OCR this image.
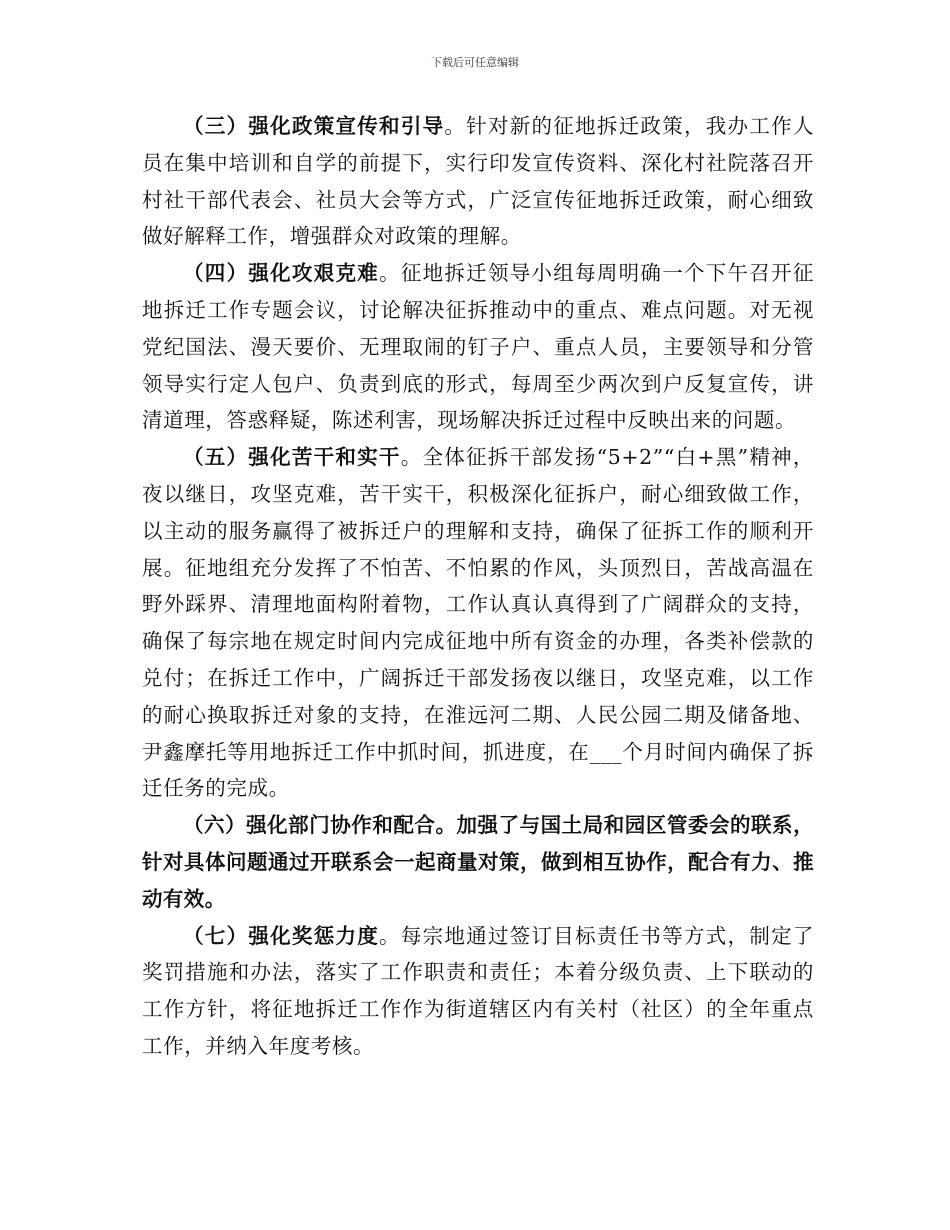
下载后可任意编辑

（三）强化政策宣传和引导。针对新的征地拆迁政策，我办工作人员在集中培训和自学的前提下，实行印发宣传资料、深化村社院落召开村社干部代表会、社员大会等方式，广泛宣传征地拆迁政策，耐心细致做好解释工作，增强群众对政策的理解。

（四）强化攻艰克难。征地拆迁领导小组每周明确一个下午召开征地拆迁工作专题会议，讨论解决征拆推动中的重点、难点问题。对无视党纪国法、漫天要价、无理取闹的钉子户、重点人员，主要领导和分管领导实行定人包户、负责到底的形式，每周至少两次到户反复宣传，讲清道理，答惑释疑，陈述利害，现场解决拆迁过程中反映出来的问题。

（五）强化苦干和实干。全体征拆干部发扬“5+2”“白+黑”精神，夜以继日，攻坚克难，苦干实干，积极深化征拆户，耐心细致做工作，以主动的服务赢得了被拆迁户的理解和支持，确保了征拆工作的顺利开展。征地组充分发挥了不怕苦、不怕累的作风，头顶烈日，苦战高温在野外踩界、清理地面构附着物，工作认真认真得到了广阔群众的支持，确保了每宗地在规定时间内完成征地中所有资金的办理，各类补偿款的兑付；在拆迁工作中，广阔拆迁干部发扬夜以继日，攻坚克难，以工作的耐心换取拆迁对象的支持，在淮远河二期、人民公园二期及储备地、尹鑫摩托等用地拆迁工作中抓时间，抓进度，在___个月时间内确保了拆迁任务的完成。

（六）强化部门协作和配合。加强了与国土局和园区管委会的联系，针对具体问题通过开联系会一起商量对策，做到相互协作，配合有力、推动有效。

（七）强化奖惩力度。每宗地通过签订目标责任书等方式，制定了奖罚措施和办法，落实了工作职责和责任；本着分级负责、上下联动的工作方针，将征地拆迁工作作为街道辖区内有关村（社区）的全年重点工作，并纳入年度考核。
